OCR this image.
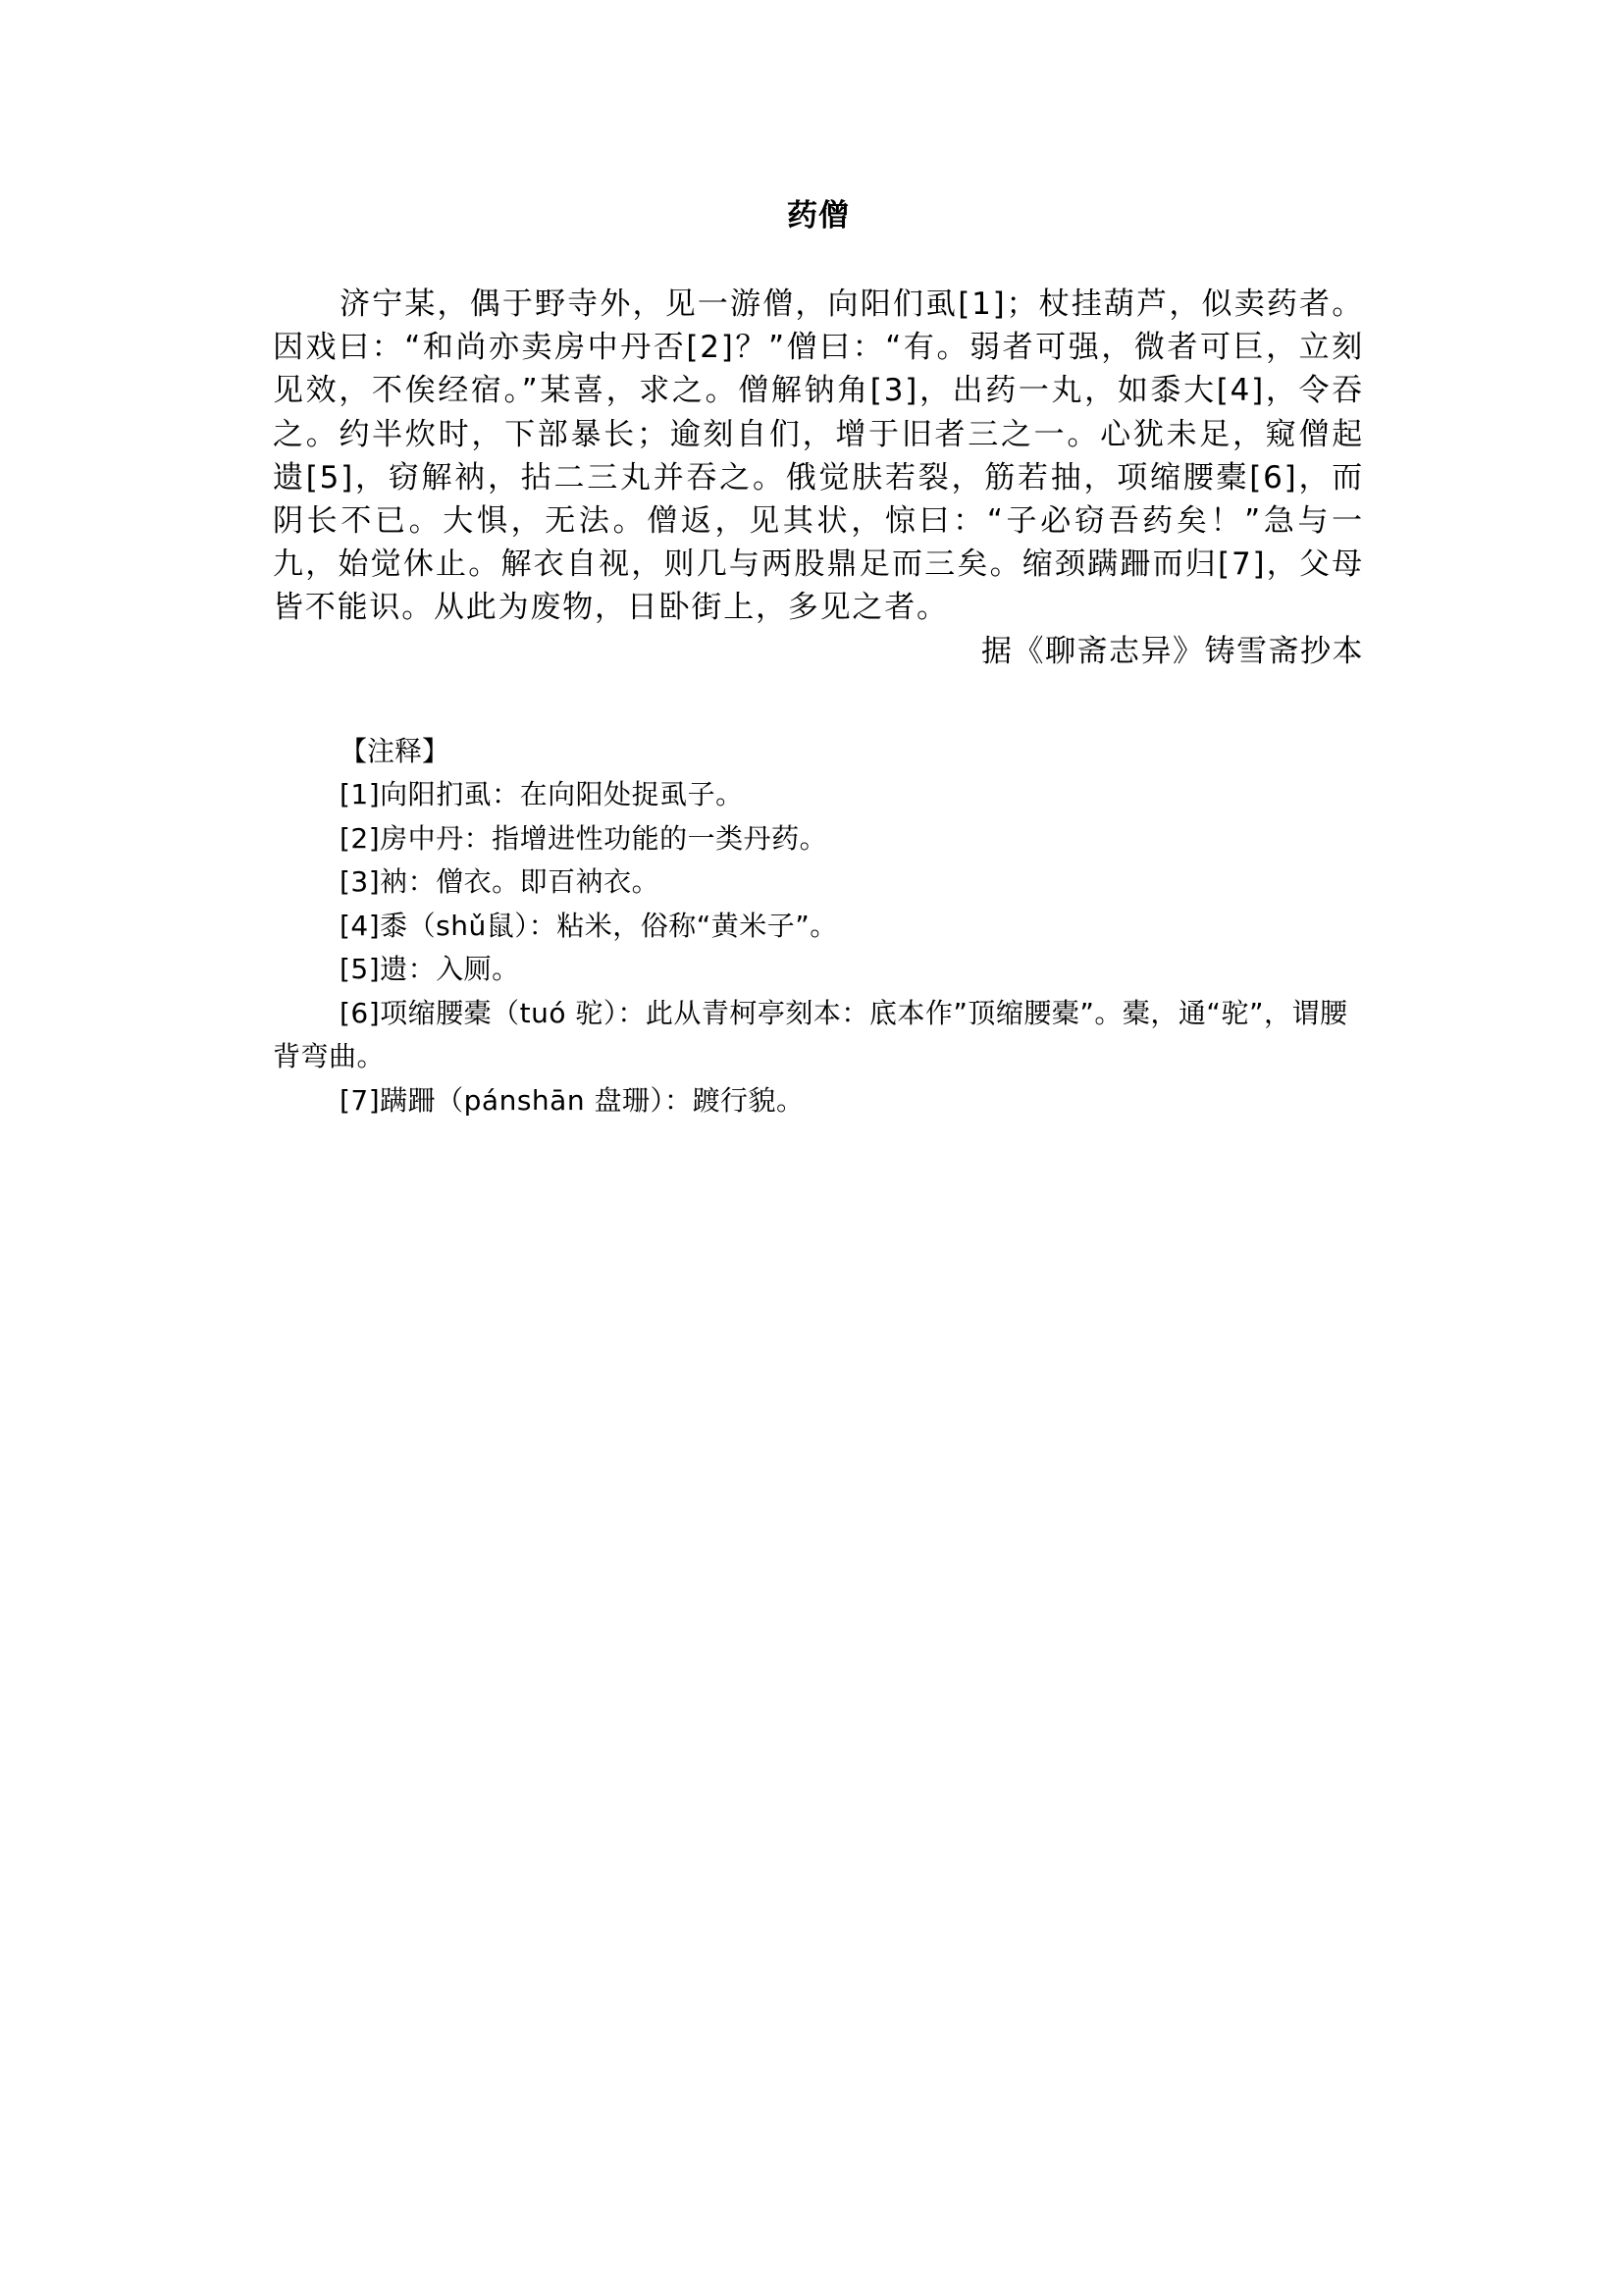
药僧

济宁某，偶于野寺外，见一游僧，向阳们虱[1]；杖挂葫芦，似卖药者。因戏曰：“和尚亦卖房中丹否[2]？”僧曰：“有。弱者可强，微者可巨，立刻见效，不俟经宿。”某喜，求之。僧解钠角[3]，出药一丸，如黍大[4]，令吞之。约半炊时，下部暴长；逾刻自们，增于旧者三之一。心犹未足，窥僧起遗[5]，窃解衲，拈二三丸并吞之。俄觉肤若裂，筋若抽，项缩腰橐[6]，而阴长不已。大惧，无法。僧返，见其状，惊曰：“子必窃吾药矣！”急与一九，始觉休止。解衣自视，则几与两股鼎足而三矣。缩颈蹒跚而归[7]，父母皆不能识。从此为废物，日卧街上，多见之者。

据《聊斋志异》铸雪斋抄本

【注释】

[1]向阳扪虱：在向阳处捉虱子。

[2]房中丹：指增进性功能的一类丹药。

[3]衲：僧衣。即百衲衣。

[4]黍（shǔ鼠）：粘米，俗称“黄米子”。

[5]遗：入厕。

[6]项缩腰橐（tuó 驼）：此从青柯亭刻本：底本作”顶缩腰橐”。橐，通“驼”，谓腰背弯曲。

[7]蹒跚（pánshān 盘珊）：踱行貌。
